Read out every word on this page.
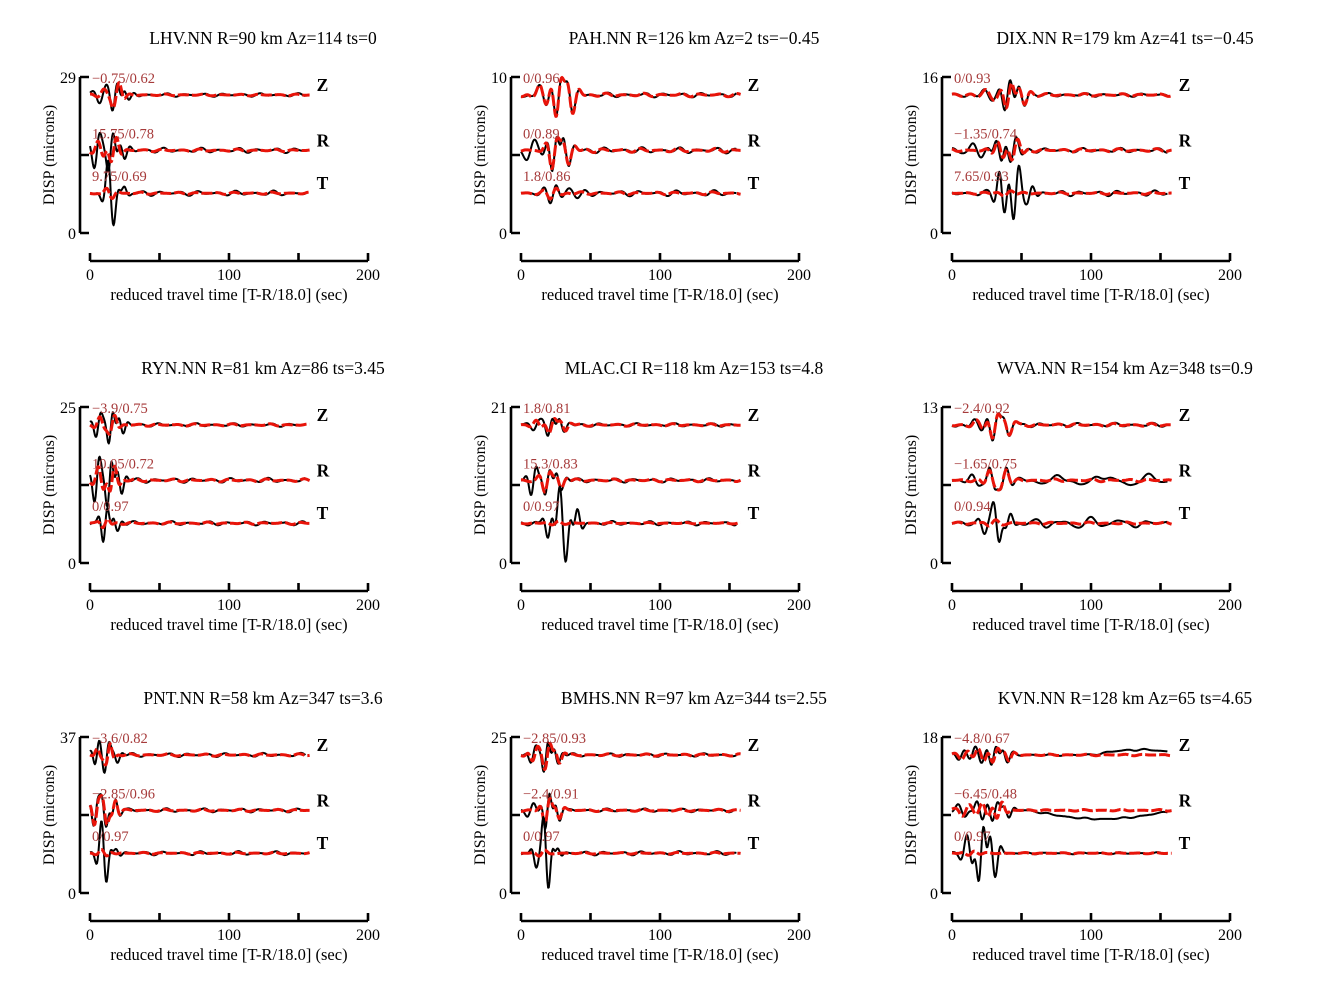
LHV.NN R=90 km Az=114 ts=0
29
0
DISP (microns)
0	100	200
reduced travel time [T-R/18.0] (sec)
−0.75/0.62	Z
15.75/0.78	R
9.75/0.69	T
PAH.NN R=126 km Az=2 ts=−0.45
10
0
DISP (microns)
0	100	200
reduced travel time [T-R/18.0] (sec)
0/0.96	Z
0/0.89	R
1.8/0.86	T
DIX.NN R=179 km Az=41 ts=−0.45
16
0
DISP (microns)
0	100	200
reduced travel time [T-R/18.0] (sec)
0/0.93	Z
−1.35/0.74	R
7.65/0.93	T
RYN.NN R=81 km Az=86 ts=3.45
25
0
DISP (microns)
0	100	200
reduced travel time [T-R/18.0] (sec)
−3.9/0.75	Z
10.05/0.72	R
0/0.97	T
MLAC.CI R=118 km Az=153 ts=4.8
21
0
DISP (microns)
0	100	200
reduced travel time [T-R/18.0] (sec)
1.8/0.81	Z
15.3/0.83	R
0/0.97	T
WVA.NN R=154 km Az=348 ts=0.9
13
0
DISP (microns)
0	100	200
reduced travel time [T-R/18.0] (sec)
−2.4/0.92	Z
−1.65/0.75	R
0/0.94	T
PNT.NN R=58 km Az=347 ts=3.6
37
0
DISP (microns)
0	100	200
reduced travel time [T-R/18.0] (sec)
−3.6/0.82	Z
−2.85/0.96	R
0/0.97	T
BMHS.NN R=97 km Az=344 ts=2.55
25
0
DISP (microns)
0	100	200
reduced travel time [T-R/18.0] (sec)
−2.85/0.93	Z
−2.4/0.91	R
0/0.97	T
KVN.NN R=128 km Az=65 ts=4.65
18
0
DISP (microns)
0	100	200
reduced travel time [T-R/18.0] (sec)
−4.8/0.67	Z
−6.45/0.48	R
0/0.97	T
